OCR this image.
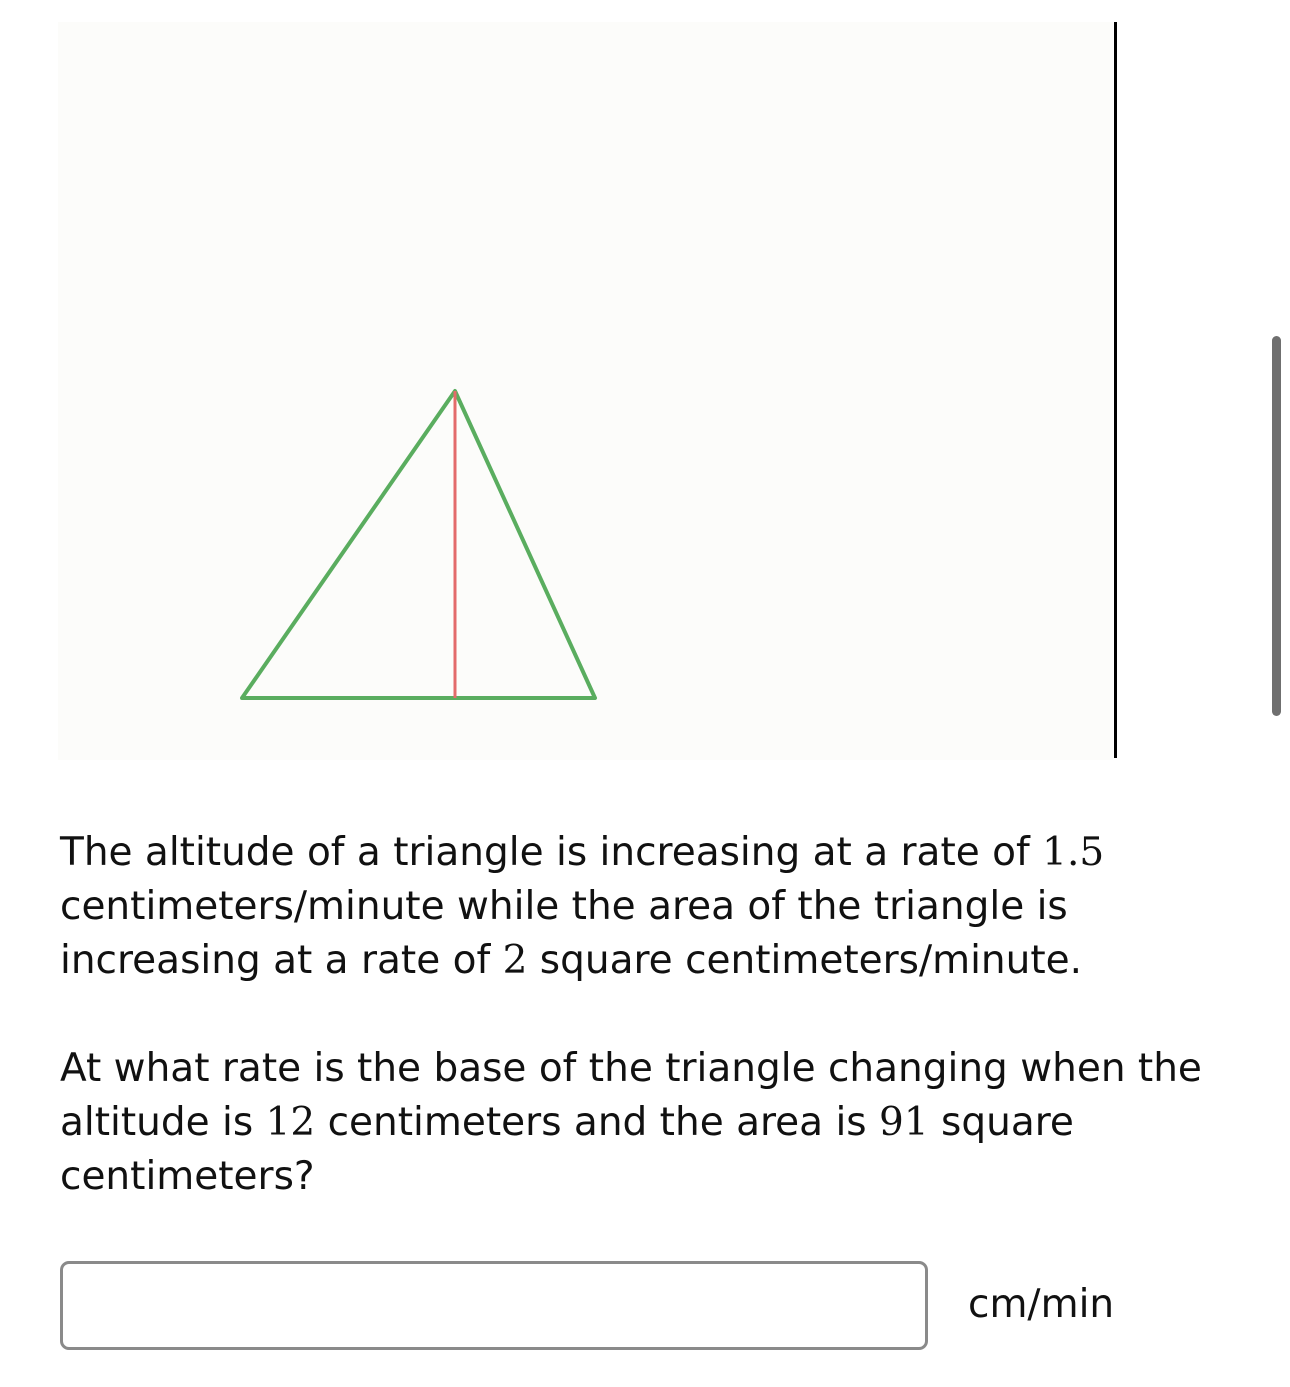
The altitude of a triangle is increasing at a rate of 1.5 centimeters/minute while the area of the triangle is increasing at a rate of 2 square centimeters/minute.

At what rate is the base of the triangle changing when the altitude is 12 centimeters and the area is 91 square centimeters?

cm/min
